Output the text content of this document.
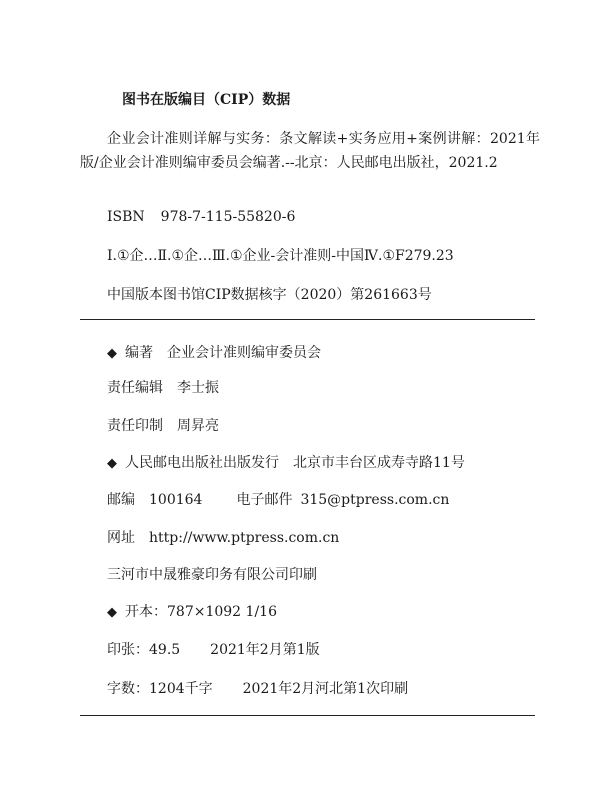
图书在版编目（CIP）数据
企业会计准则详解与实务：条文解读+实务应用+案例讲解：2021年版/企业会计准则编审委员会编著.--北京：人民邮电出版社，2021.2
ISBN 978-7-115-55820-6
Ⅰ.①企…Ⅱ.①企…Ⅲ.①企业-会计准则-中国Ⅳ.①F279.23
中国版本图书馆CIP数据核字（2020）第261663号
◆ 编著 企业会计准则编审委员会
责任编辑 李士振
责任印制 周昇亮
◆ 人民邮电出版社出版发行 北京市丰台区成寿寺路11号
邮编 100164 电子邮件 315@ptpress.com.cn
网址 http://www.ptpress.com.cn
三河市中晟雅豪印务有限公司印刷
◆ 开本：787×1092 1/16
印张：49.5 2021年2月第1版
字数：1204千字 2021年2月河北第1次印刷
